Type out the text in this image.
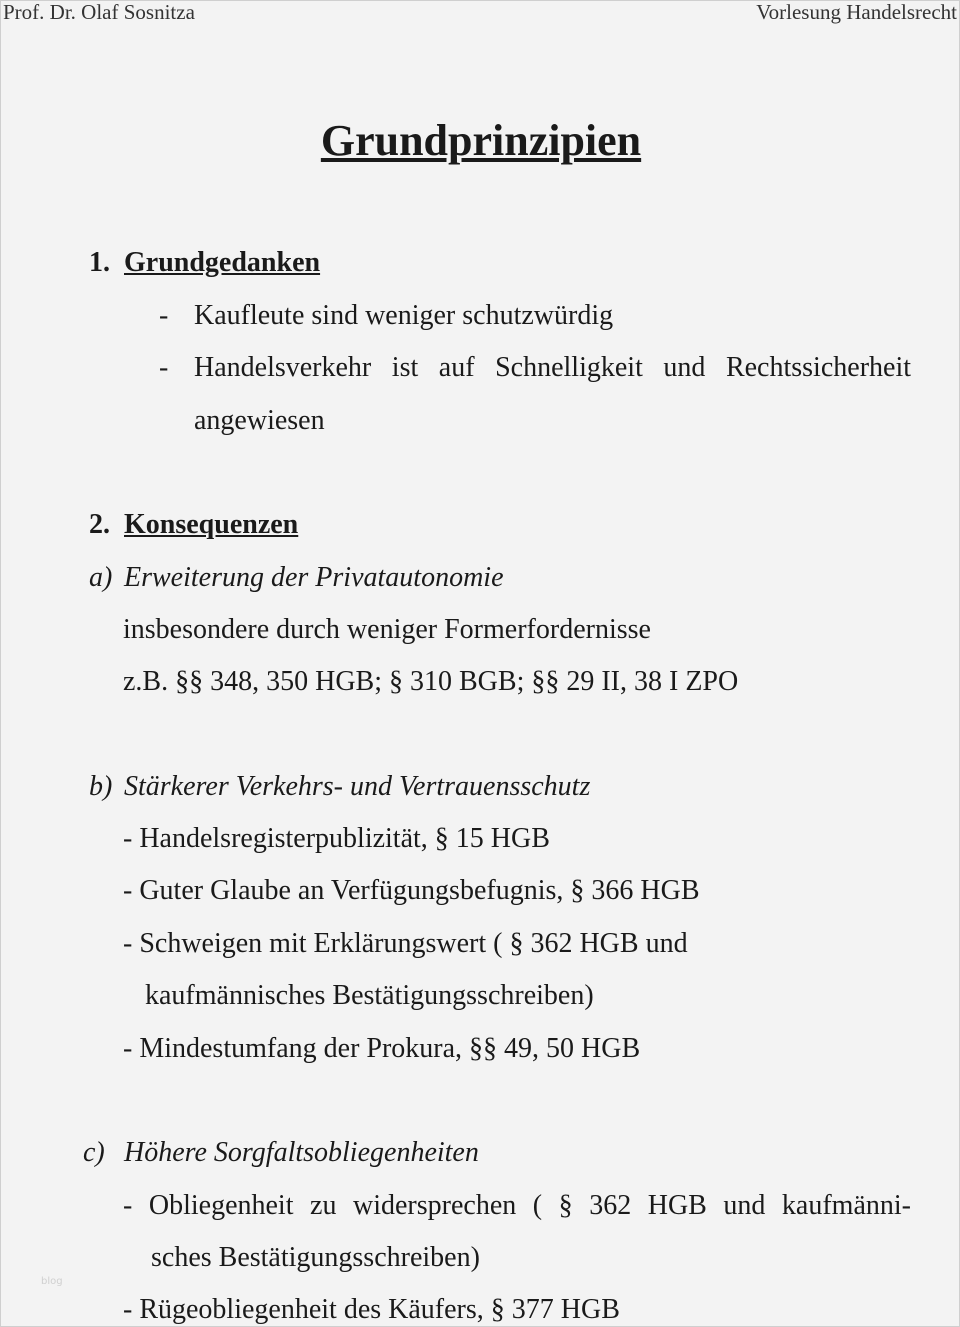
Prof. Dr. Olaf Sosnitza	Vorlesung Handelsrecht
Grundprinzipien
1. Grundgedanken
- Kaufleute sind weniger schutzwürdig
- Handelsverkehr ist auf Schnelligkeit und Rechtssicherheit
angewiesen
2. Konsequenzen
a) Erweiterung der Privatautonomie
insbesondere durch weniger Formerfordernisse
z.B. §§ 348, 350 HGB; § 310 BGB; §§ 29 II, 38 I ZPO
b) Stärkerer Verkehrs- und Vertrauensschutz
- Handelsregisterpublizität, § 15 HGB
- Guter Glaube an Verfügungsbefugnis, § 366 HGB
- Schweigen mit Erklärungswert ( § 362 HGB und
kaufmännisches Bestätigungsschreiben)
- Mindestumfang der Prokura, §§ 49, 50 HGB
c) Höhere Sorgfaltsobliegenheiten
- Obliegenheit zu widersprechen ( § 362 HGB und kaufmänni-
sches Bestätigungsschreiben)
- Rügeobliegenheit des Käufers, § 377 HGB
blog
